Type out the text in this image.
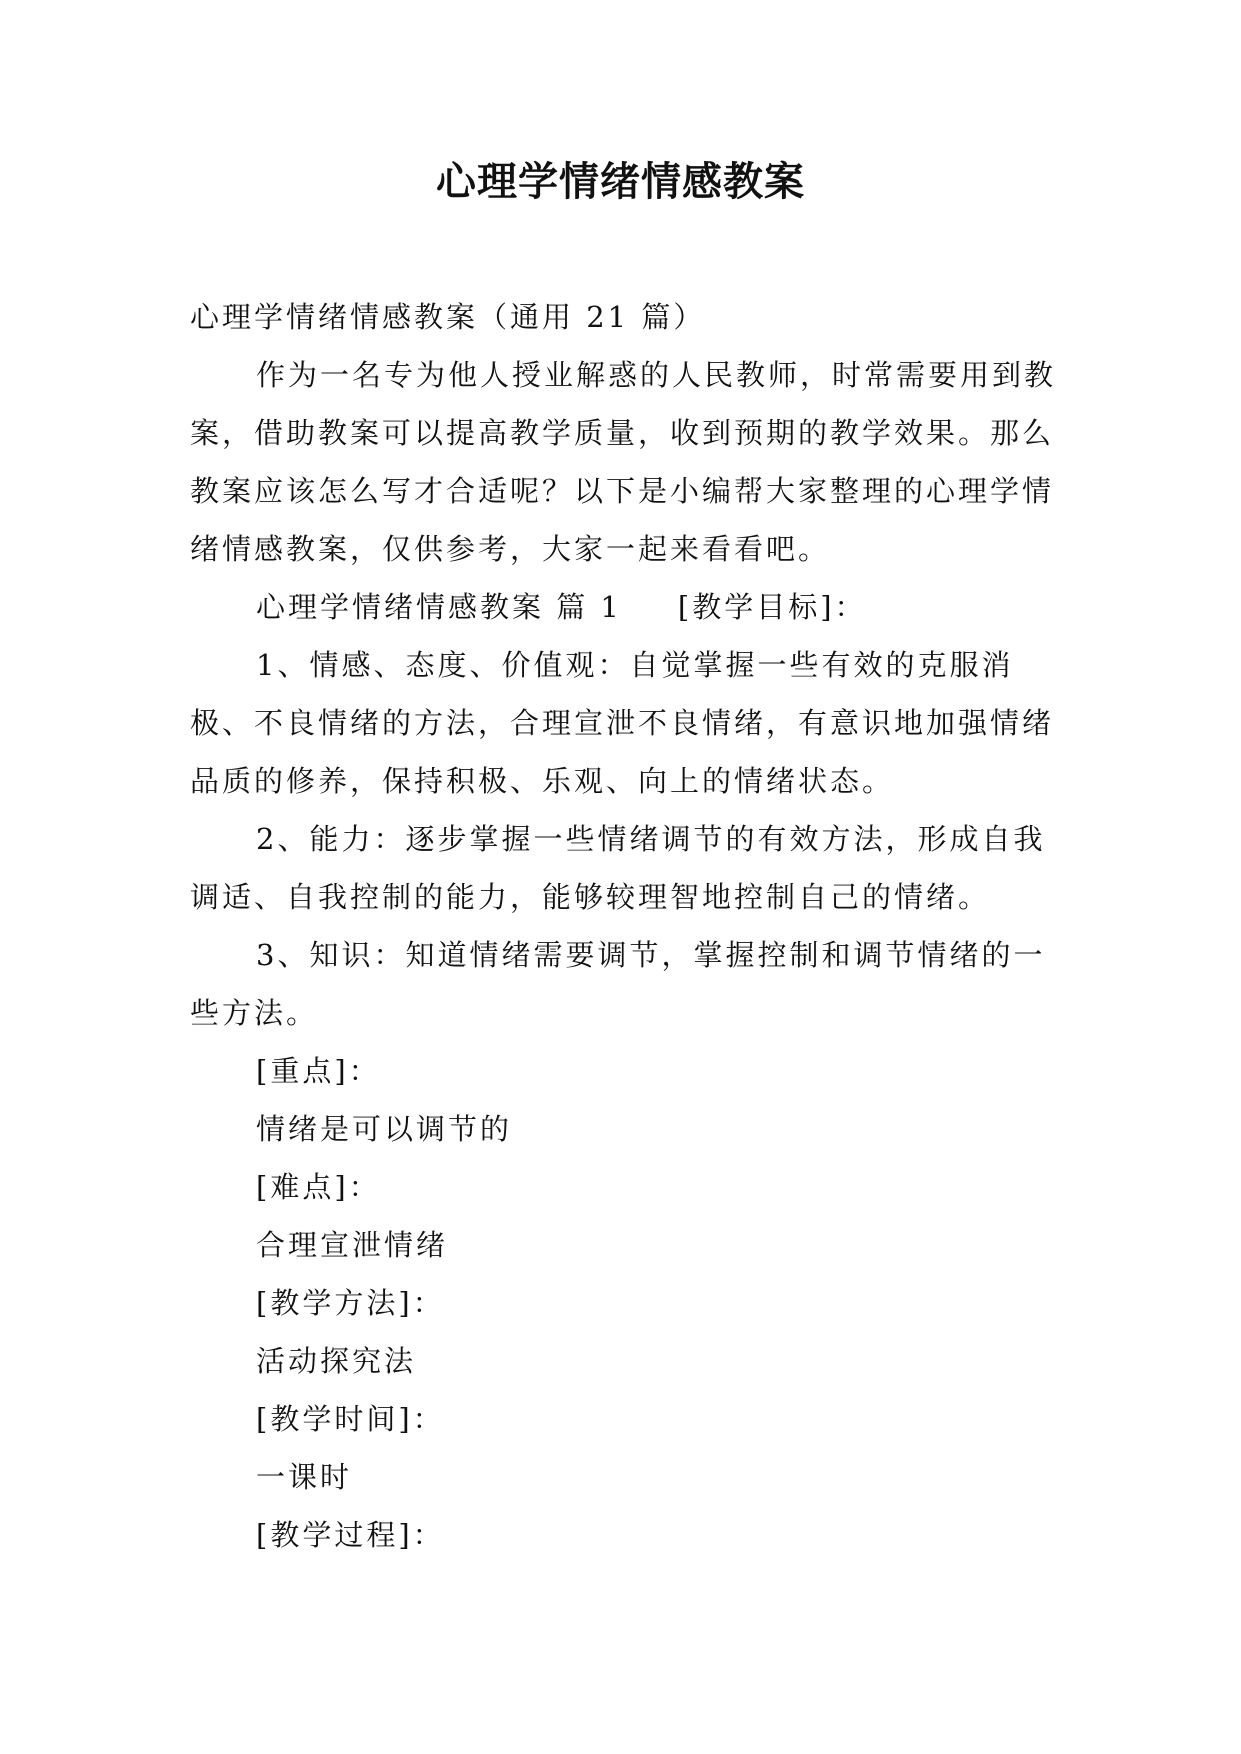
心理学情绪情感教案

心理学情绪情感教案（通用 21 篇）

作为一名专为他人授业解惑的人民教师，时常需要用到教案，借助教案可以提高教学质量，收到预期的教学效果。那么教案应该怎么写才合适呢？以下是小编帮大家整理的心理学情绪情感教案，仅供参考，大家一起来看看吧。

心理学情绪情感教案 篇 1 [教学目标]：

1、情感、态度、价值观：自觉掌握一些有效的克服消极、不良情绪的方法，合理宣泄不良情绪，有意识地加强情绪品质的修养，保持积极、乐观、向上的情绪状态。

2、能力：逐步掌握一些情绪调节的有效方法，形成自我调适、自我控制的能力，能够较理智地控制自己的情绪。

3、知识：知道情绪需要调节，掌握控制和调节情绪的一些方法。

[重点]：

情绪是可以调节的

[难点]：

合理宣泄情绪

[教学方法]：

活动探究法

[教学时间]：

一课时

[教学过程]：
